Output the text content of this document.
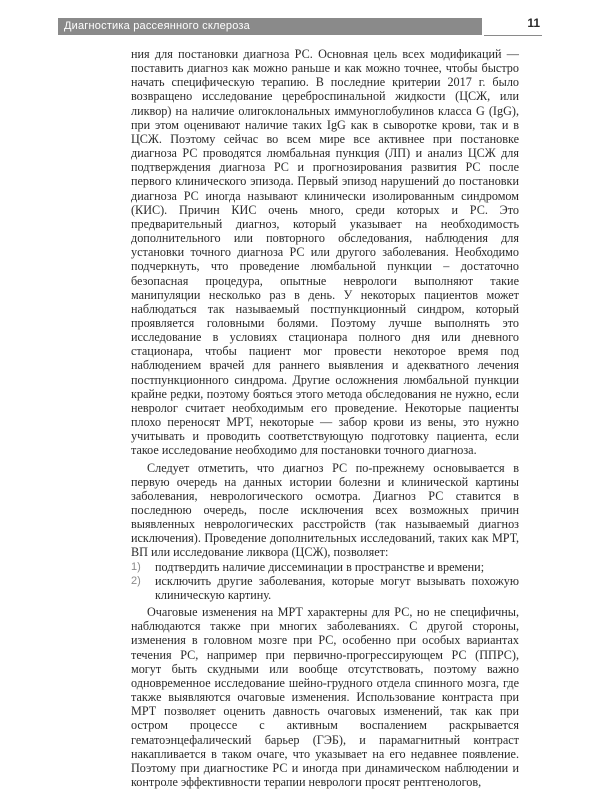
Диагностика рассеянного склероза	11

ния для постановки диагноза РС. Основная цель всех модификаций — поставить диагноз как можно раньше и как можно точнее, чтобы быстро начать специфическую терапию. В последние критерии 2017 г. было возвращено исследование цереброспинальной жидкости (ЦСЖ, или ликвор) на наличие олигоклональных иммуноглобулинов класса G (IgG), при этом оценивают наличие таких IgG как в сыворотке крови, так и в ЦСЖ. Поэтому сейчас во всем мире все активнее при постановке диагноза РС проводятся люмбальная пункция (ЛП) и анализ ЦСЖ для подтверждения диагноза РС и прогнозирования развития РС после первого клинического эпизода. Первый эпизод нарушений до постановки диагноза РС иногда называют клинически изолированным синдромом (КИС). Причин КИС очень много, среди которых и РС. Это предварительный диагноз, который указывает на необходимость дополнительного или повторного обследования, наблюдения для установки точного диагноза РС или другого заболевания. Необходимо подчеркнуть, что проведение люмбальной пункции – достаточно безопасная процедура, опытные неврологи выполняют такие манипуляции несколько раз в день. У некоторых пациентов может наблюдаться так называемый постпункционный синдром, который проявляется головными болями. Поэтому лучше выполнять это исследование в условиях стационара полного дня или дневного стационара, чтобы пациент мог провести некоторое время под наблюдением врачей для раннего выявления и адекватного лечения постпункционного синдрома. Другие осложнения люмбальной пункции крайне редки, поэтому бояться этого метода обследования не нужно, если невролог считает необходимым его проведение. Некоторые пациенты плохо переносят МРТ, некоторые — забор крови из вены, это нужно учитывать и проводить соответствующую подготовку пациента, если такое исследование необходимо для постановки точного диагноза.

Следует отметить, что диагноз РС по-прежнему основывается в первую очередь на данных истории болезни и клинической картины заболевания, неврологического осмотра. Диагноз РС ставится в последнюю очередь, после исключения всех возможных причин выявленных неврологических расстройств (так называемый диагноз исключения). Проведение дополнительных исследований, таких как МРТ, ВП или исследование ликвора (ЦСЖ), позволяет:

1) подтвердить наличие диссеминации в пространстве и времени;
2) исключить другие заболевания, которые могут вызывать похожую клиническую картину.

Очаговые изменения на МРТ характерны для РС, но не специфичны, наблюдаются также при многих заболеваниях. С другой стороны, изменения в головном мозге при РС, особенно при особых вариантах течения РС, например при первично-прогрессирующем РС (ППРС), могут быть скудными или вообще отсутствовать, поэтому важно одновременное исследование шейно-грудного отдела спинного мозга, где также выявляются очаговые изменения. Использование контраста при МРТ позволяет оценить давность очаговых изменений, так как при остром процессе с активным воспалением раскрывается гематоэнцефалический барьер (ГЭБ), и парамагнитный контраст накапливается в таком очаге, что указывает на его недавнее появление. Поэтому при диагностике РС и иногда при динамическом наблюдении и контроле эффективности терапии неврологи просят рентгенологов,
